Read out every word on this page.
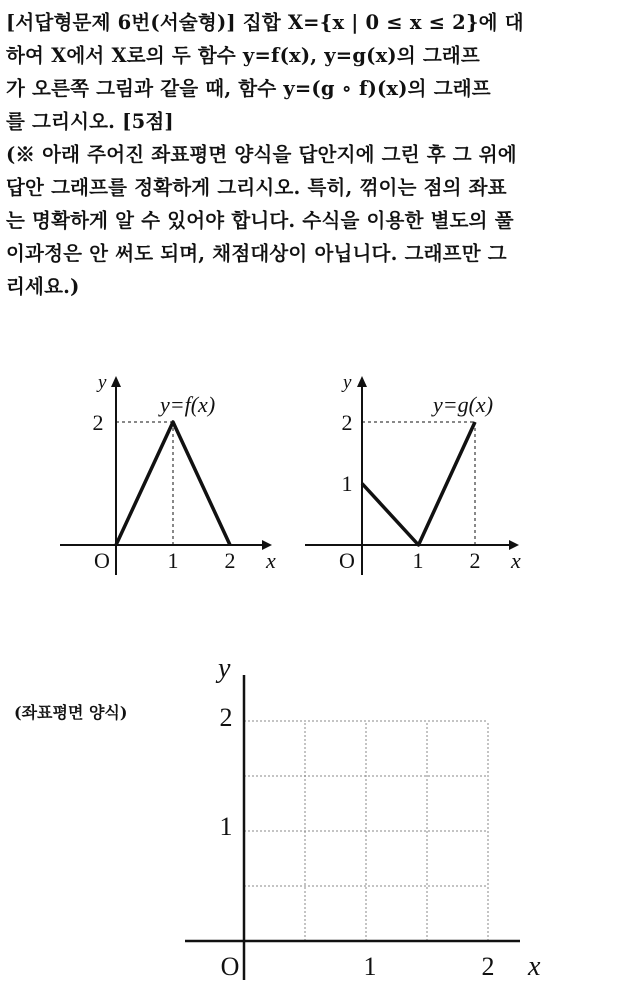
[서답형문제 6번(서술형)] 집합 X={x | 0 ≤ x ≤ 2}에 대

하여 X에서 X로의 두 함수 y=f(x), y=g(x)의 그래프

가 오른쪽 그림과 같을 때, 함수 y=(g ∘ f)(x)의 그래프

를 그리시오. [5점]

(※ 아래 주어진 좌표평면 양식을 답안지에 그린 후 그 위에

답안 그래프를 정확하게 그리시오. 특히, 꺾이는 점의 좌표

는 명확하게 알 수 있어야 합니다. 수식을 이용한 별도의 풀

이과정은 안 써도 되며, 채점대상이 아닙니다. 그래프만 그

리세요.)

y
y=f(x)
2
O	1 2 x
y
y=g(x)
2
1
O	1 2 x
(좌표평면 양식)
y
2
1
O	1	2 x
